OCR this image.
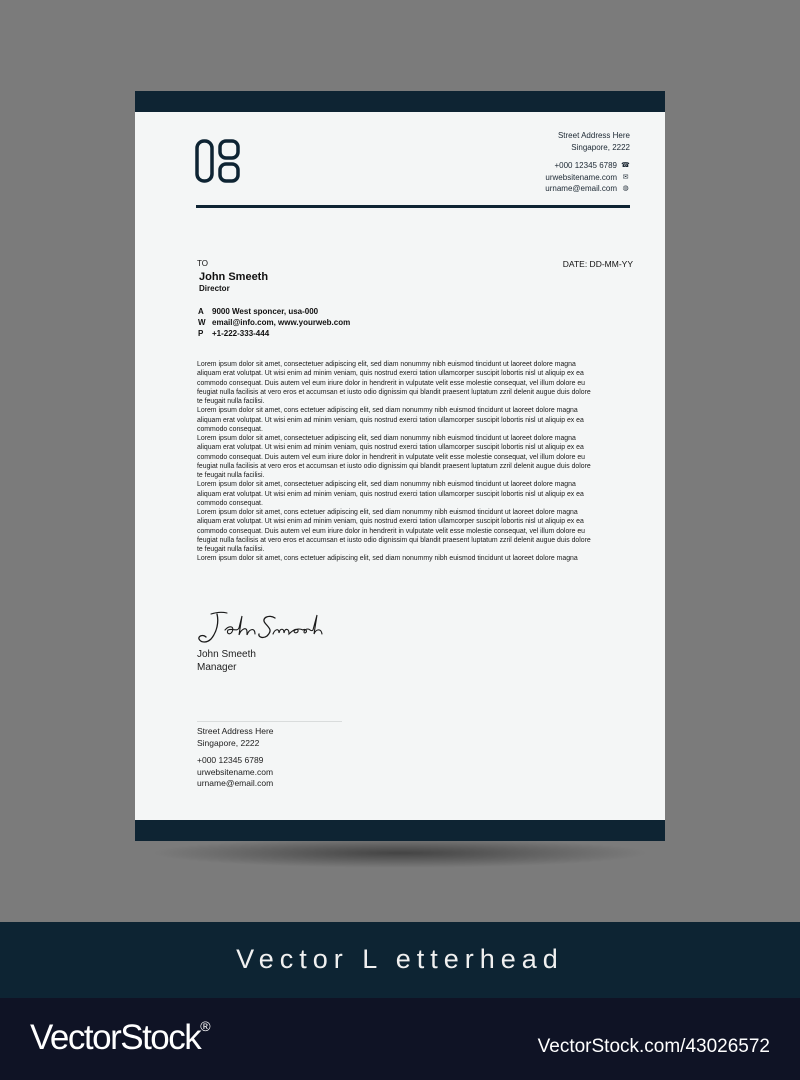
Street Address Here
Singapore, 2222
+000 12345 6789 ☎
urwebsitename.com ✉
urname@email.com ◍
TO
John Smeeth
Director
DATE: DD-MM-YY
A	9000 West sponcer, usa-000
W email@info.com, www.yourweb.com
P	+1-222-333-444
Lorem ipsum dolor sit amet, consectetuer adipiscing elit, sed diam nonummy nibh euismod tincidunt ut laoreet dolore magna
aliquam erat volutpat. Ut wisi enim ad minim veniam, quis nostrud exerci tation ullamcorper suscipit lobortis nisl ut aliquip ex ea
commodo consequat. Duis autem vel eum iriure dolor in hendrerit in vulputate velit esse molestie consequat, vel illum dolore eu
feugiat nulla facilisis at vero eros et accumsan et iusto odio dignissim qui blandit praesent luptatum zzril delenit augue duis dolore
te feugait nulla facilisi.
Lorem ipsum dolor sit amet, cons ectetuer adipiscing elit, sed diam nonummy nibh euismod tincidunt ut laoreet dolore magna
aliquam erat volutpat. Ut wisi enim ad minim veniam, quis nostrud exerci tation ullamcorper suscipit lobortis nisl ut aliquip ex ea
commodo consequat.
Lorem ipsum dolor sit amet, consectetuer adipiscing elit, sed diam nonummy nibh euismod tincidunt ut laoreet dolore magna
aliquam erat volutpat. Ut wisi enim ad minim veniam, quis nostrud exerci tation ullamcorper suscipit lobortis nisl ut aliquip ex ea
commodo consequat. Duis autem vel eum iriure dolor in hendrerit in vulputate velit esse molestie consequat, vel illum dolore eu
feugiat nulla facilisis at vero eros et accumsan et iusto odio dignissim qui blandit praesent luptatum zzril delenit augue duis dolore
te feugait nulla facilisi.
Lorem ipsum dolor sit amet, consectetuer adipiscing elit, sed diam nonummy nibh euismod tincidunt ut laoreet dolore magna
aliquam erat volutpat. Ut wisi enim ad minim veniam, quis nostrud exerci tation ullamcorper suscipit lobortis nisl ut aliquip ex ea
commodo consequat.
Lorem ipsum dolor sit amet, cons ectetuer adipiscing elit, sed diam nonummy nibh euismod tincidunt ut laoreet dolore magna
aliquam erat volutpat. Ut wisi enim ad minim veniam, quis nostrud exerci tation ullamcorper suscipit lobortis nisl ut aliquip ex ea
commodo consequat. Duis autem vel eum iriure dolor in hendrerit in vulputate velit esse molestie consequat, vel illum dolore eu
feugiat nulla facilisis at vero eros et accumsan et iusto odio dignissim qui blandit praesent luptatum zzril delenit augue duis dolore
te feugait nulla facilisi.
Lorem ipsum dolor sit amet, cons ectetuer adipiscing elit, sed diam nonummy nibh euismod tincidunt ut laoreet dolore magna
John Smeeth
Manager
Street Address Here
Singapore, 2222
+000 12345 6789
urwebsitename.com
urname@email.com
Vector L etterhead
VectorStock®
VectorStock.com/43026572
